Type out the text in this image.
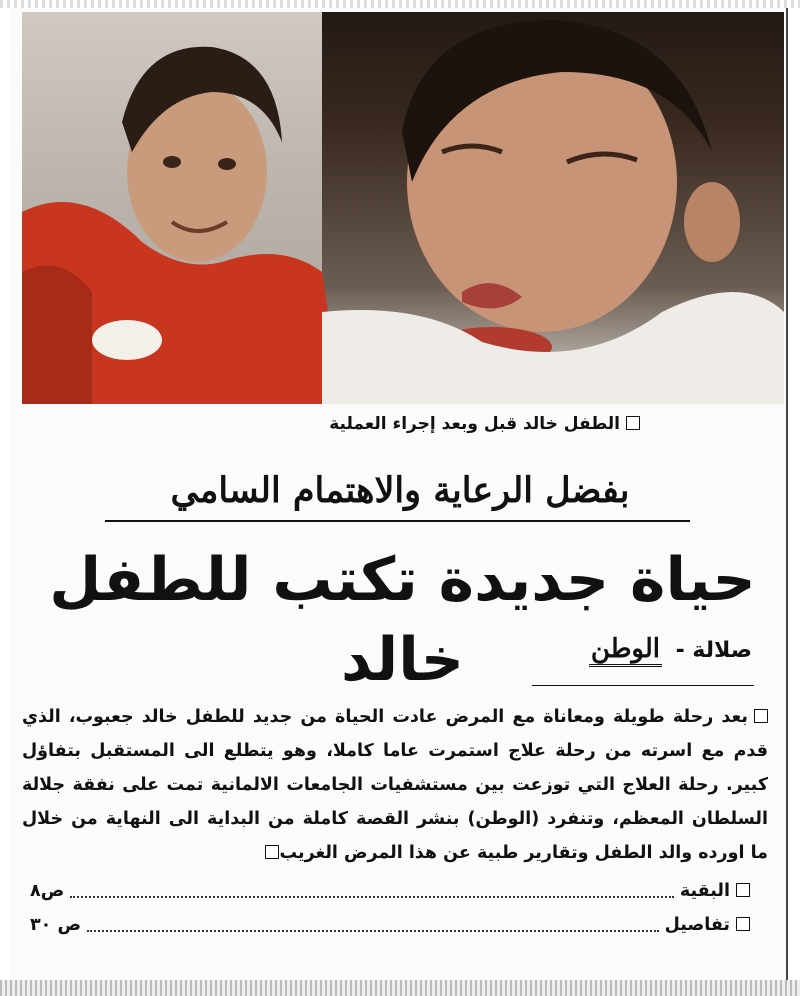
الطفل خالد قبل وبعد إجراء العملية
بفضل الرعاية والاهتمام السامي
حياة جديدة تكتب للطفل خالد	صلالة - الوطن

بعد رحلة طويلة ومعاناة مع المرض عادت الحياة من جديد للطفل خالد جعبوب، الذي قدم مع اسرته من رحلة علاج استمرت عاما كاملا، وهو يتطلع الى المستقبل بتفاؤل كبير. رحلة العلاج التي توزعت بين مستشفيات الجامعات الالمانية تمت على نفقة جلالة السلطان المعظم، وتنفرد (الوطن) بنشر القصة كاملة من البداية الى النهاية من خلال ما اورده والد الطفل وتقارير طبية عن هذا المرض الغريب

البقية
ص٨
تفاصيل
ص ٣٠
